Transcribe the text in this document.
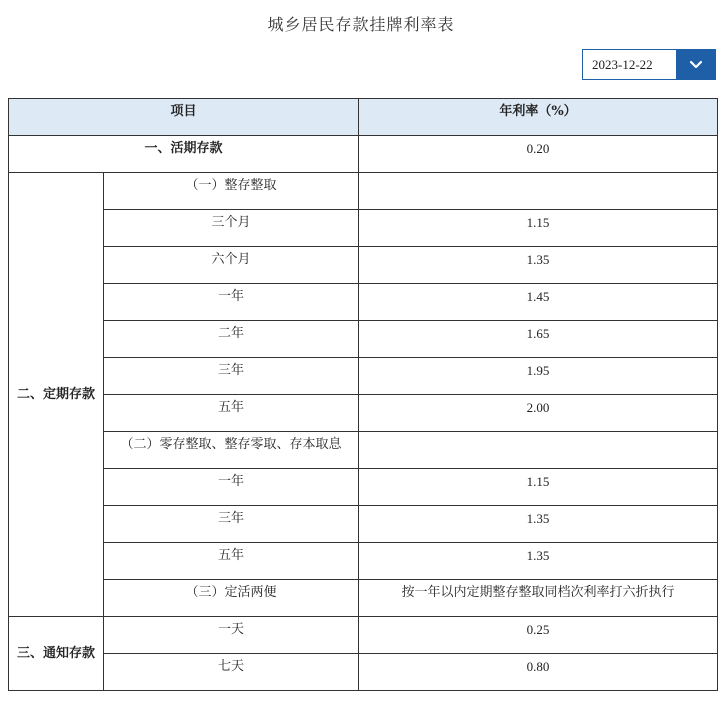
城乡居民存款挂牌利率表
2023-12-22
项目		年利率（%）
一、活期存款		0.20
二、定期存款	（一）整存整取	
	三个月	1.15
	六个月	1.35
	一年	1.45
	二年	1.65
	三年	1.95
	五年	2.00
	（二）零存整取、整存零取、存本取息	
	一年	1.15
	三年	1.35
	五年	1.35
	（三）定活两便	按一年以内定期整存整取同档次利率打六折执行
三、通知存款	一天	0.25
	七天	0.80
